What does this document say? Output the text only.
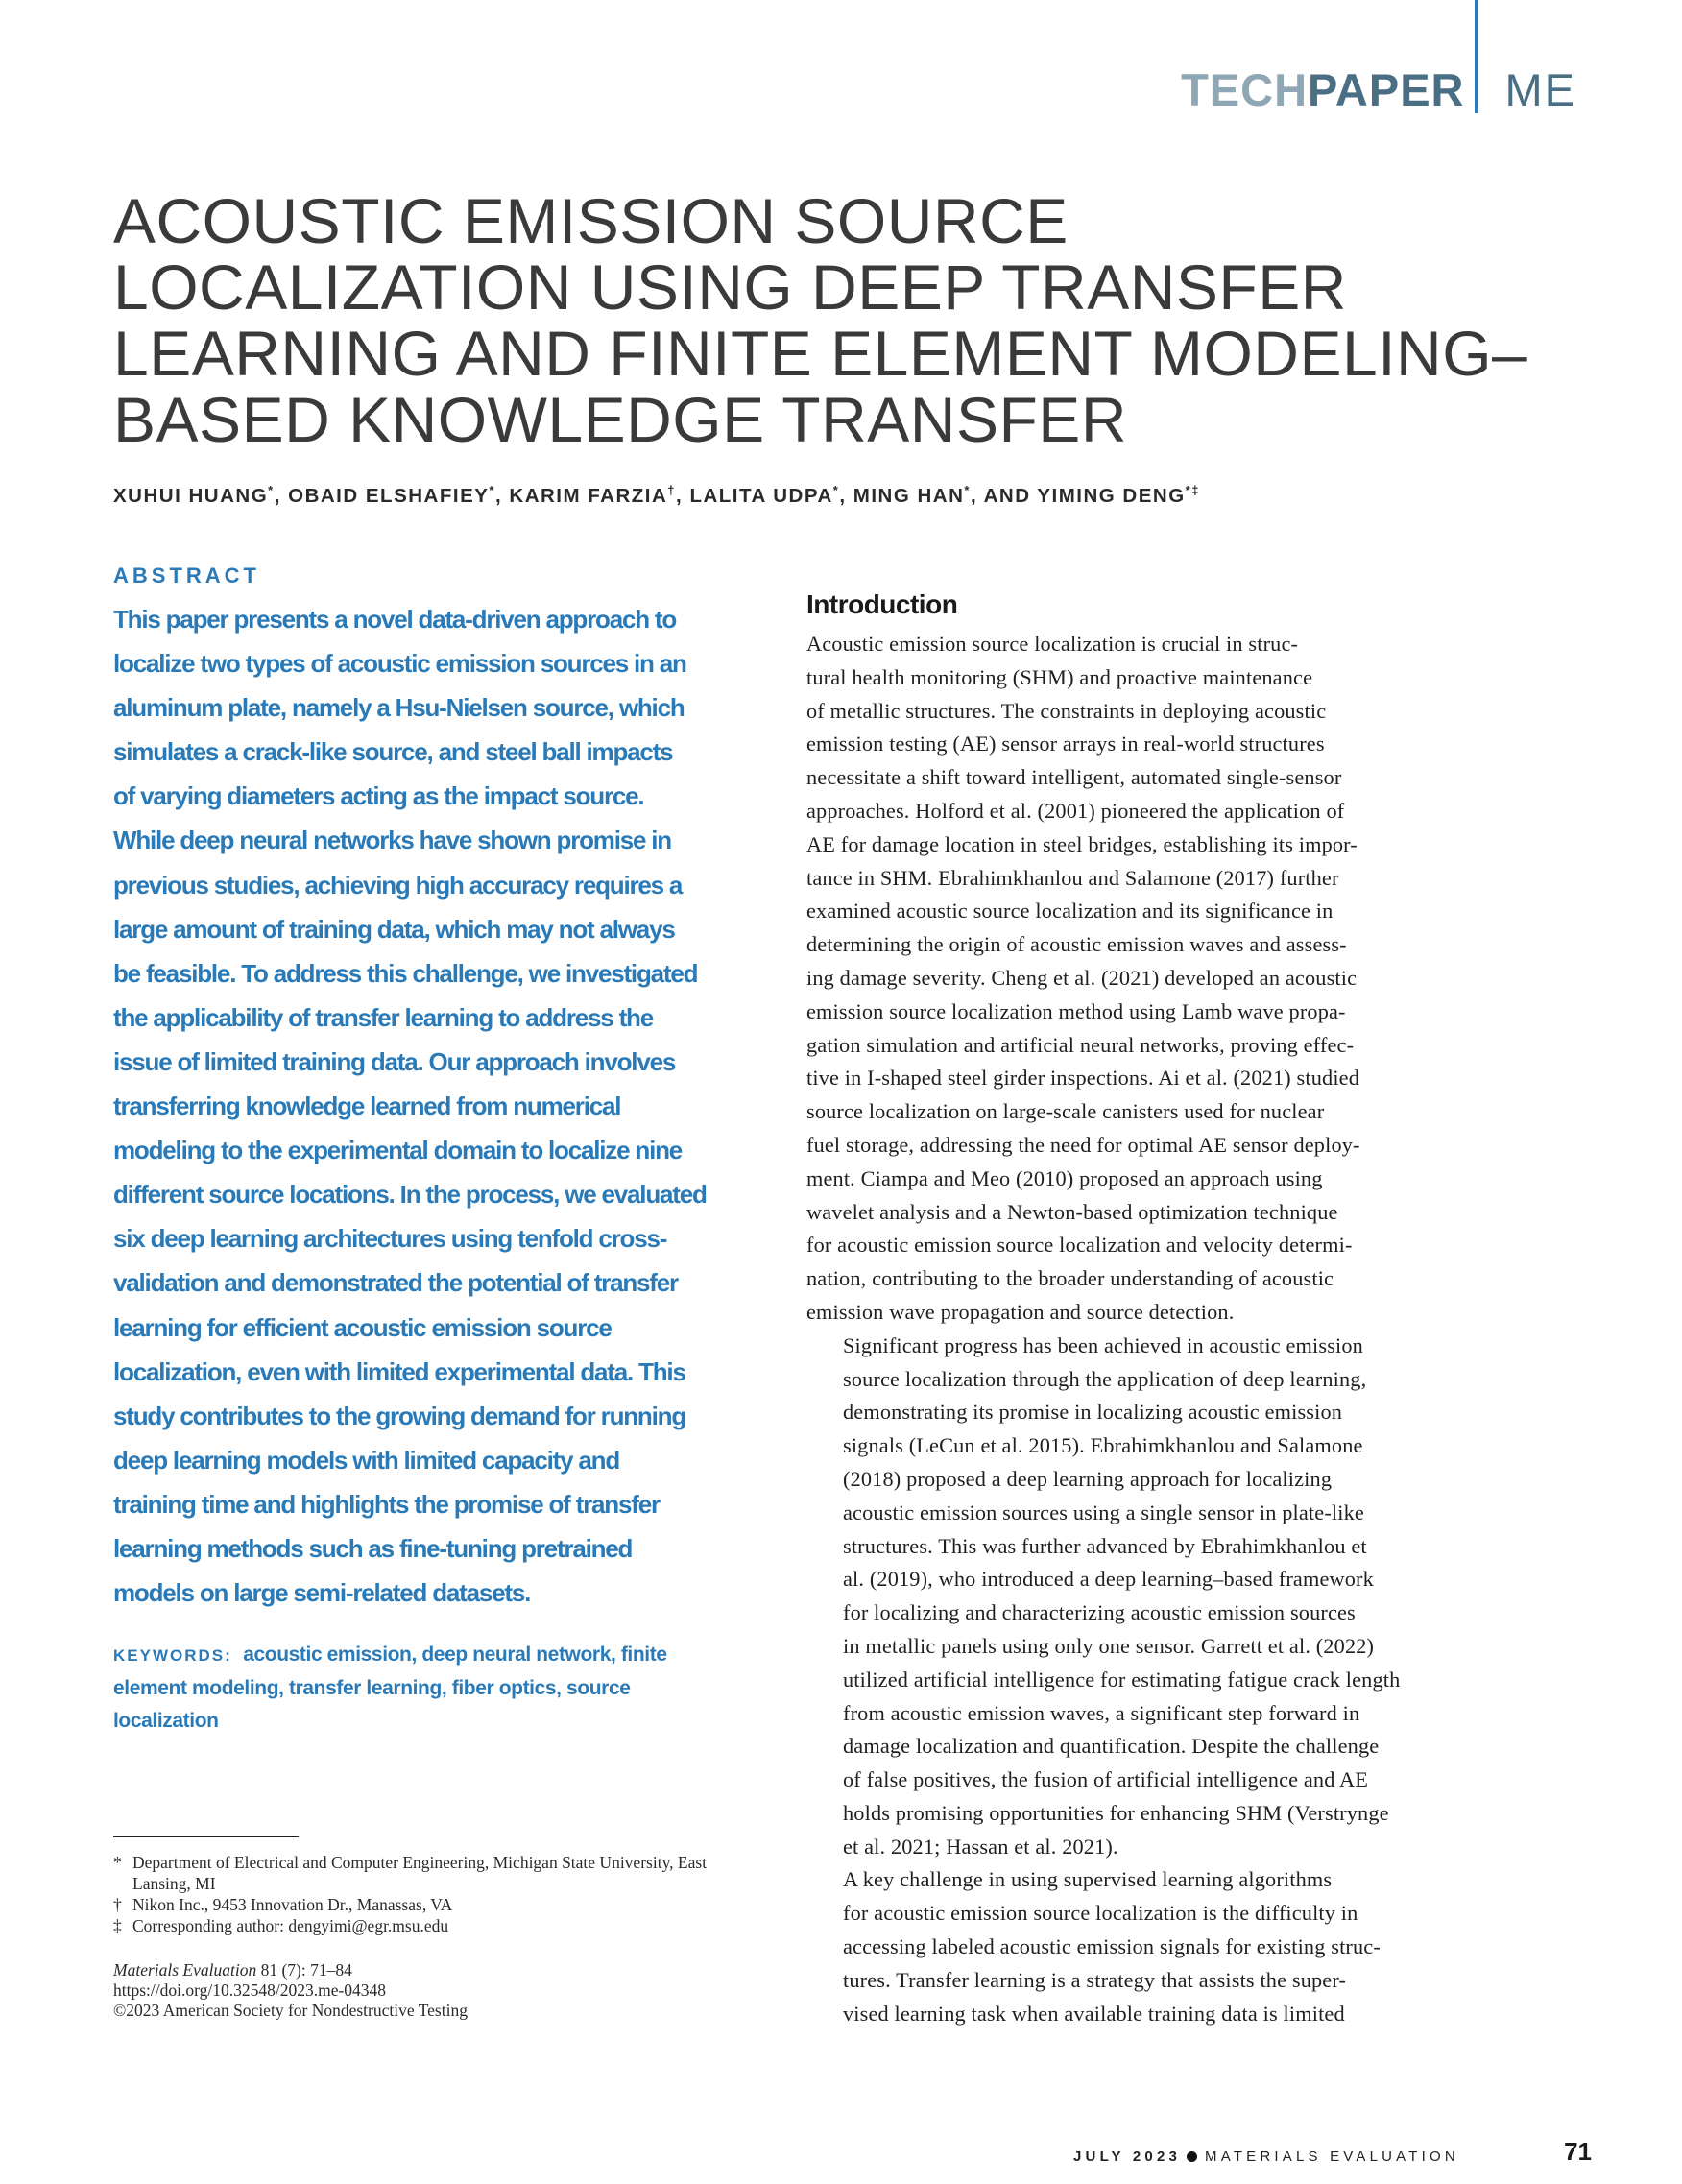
TECH PAPER ME
ACOUSTIC EMISSION SOURCE
LOCALIZATION USING DEEP TRANSFER
LEARNING AND FINITE ELEMENT MODELING–
BASED KNOWLEDGE TRANSFER
XUHUI HUANG*, OBAID ELSHAFIEY*, KARIM FARZIA†, LALITA UDPA*, MING HAN*, AND YIMING DENG*‡
ABSTRACT
This paper presents a novel data-driven approach to
localize two types of acoustic emission sources in an
aluminum plate, namely a Hsu-Nielsen source, which
simulates a crack-like source, and steel ball impacts
of varying diameters acting as the impact source.
While deep neural networks have shown promise in
previous studies, achieving high accuracy requires a
large amount of training data, which may not always
be feasible. To address this challenge, we investigated
the applicability of transfer learning to address the
issue of limited training data. Our approach involves
transferring knowledge learned from numerical
modeling to the experimental domain to localize nine
different source locations. In the process, we evaluated
six deep learning architectures using tenfold cross-
validation and demonstrated the potential of transfer
learning for efficient acoustic emission source
localization, even with limited experimental data. This
study contributes to the growing demand for running
deep learning models with limited capacity and
training time and highlights the promise of transfer
learning methods such as fine-tuning pretrained
models on large semi-related datasets.
KEYWORDS: acoustic emission, deep neural network, finite element modeling, transfer learning, fiber optics, source localization
* Department of Electrical and Computer Engineering, Michigan State University, East Lansing, MI
† Nikon Inc., 9453 Innovation Dr., Manassas, VA
‡ Corresponding author: dengyimi@egr.msu.edu
Materials Evaluation 81 (7): 71–84
https://doi.org/10.32548/2023.me-04348
©2023 American Society for Nondestructive Testing
Introduction

Acoustic emission source localization is crucial in struc-
tural health monitoring (SHM) and proactive maintenance
of metallic structures. The constraints in deploying acoustic
emission testing (AE) sensor arrays in real-world structures
necessitate a shift toward intelligent, automated single-sensor
approaches. Holford et al. (2001) pioneered the application of
AE for damage location in steel bridges, establishing its impor-
tance in SHM. Ebrahimkhanlou and Salamone (2017) further
examined acoustic source localization and its significance in
determining the origin of acoustic emission waves and assess-
ing damage severity. Cheng et al. (2021) developed an acoustic
emission source localization method using Lamb wave propa-
gation simulation and artificial neural networks, proving effec-
tive in I-shaped steel girder inspections. Ai et al. (2021) studied
source localization on large-scale canisters used for nuclear
fuel storage, addressing the need for optimal AE sensor deploy-
ment. Ciampa and Meo (2010) proposed an approach using
wavelet analysis and a Newton-based optimization technique
for acoustic emission source localization and velocity determi-
nation, contributing to the broader understanding of acoustic
emission wave propagation and source detection.

Significant progress has been achieved in acoustic emission
source localization through the application of deep learning,
demonstrating its promise in localizing acoustic emission
signals (LeCun et al. 2015). Ebrahimkhanlou and Salamone
(2018) proposed a deep learning approach for localizing
acoustic emission sources using a single sensor in plate-like
structures. This was further advanced by Ebrahimkhanlou et
al. (2019), who introduced a deep learning–based framework
for localizing and characterizing acoustic emission sources
in metallic panels using only one sensor. Garrett et al. (2022)
utilized artificial intelligence for estimating fatigue crack length
from acoustic emission waves, a significant step forward in
damage localization and quantification. Despite the challenge
of false positives, the fusion of artificial intelligence and AE
holds promising opportunities for enhancing SHM (Verstrynge
et al. 2021; Hassan et al. 2021).

A key challenge in using supervised learning algorithms
for acoustic emission source localization is the difficulty in
accessing labeled acoustic emission signals for existing struc-
tures. Transfer learning is a strategy that assists the super-
vised learning task when available training data is limited

JULY 2023 MATERIALS EVALUATION	71
